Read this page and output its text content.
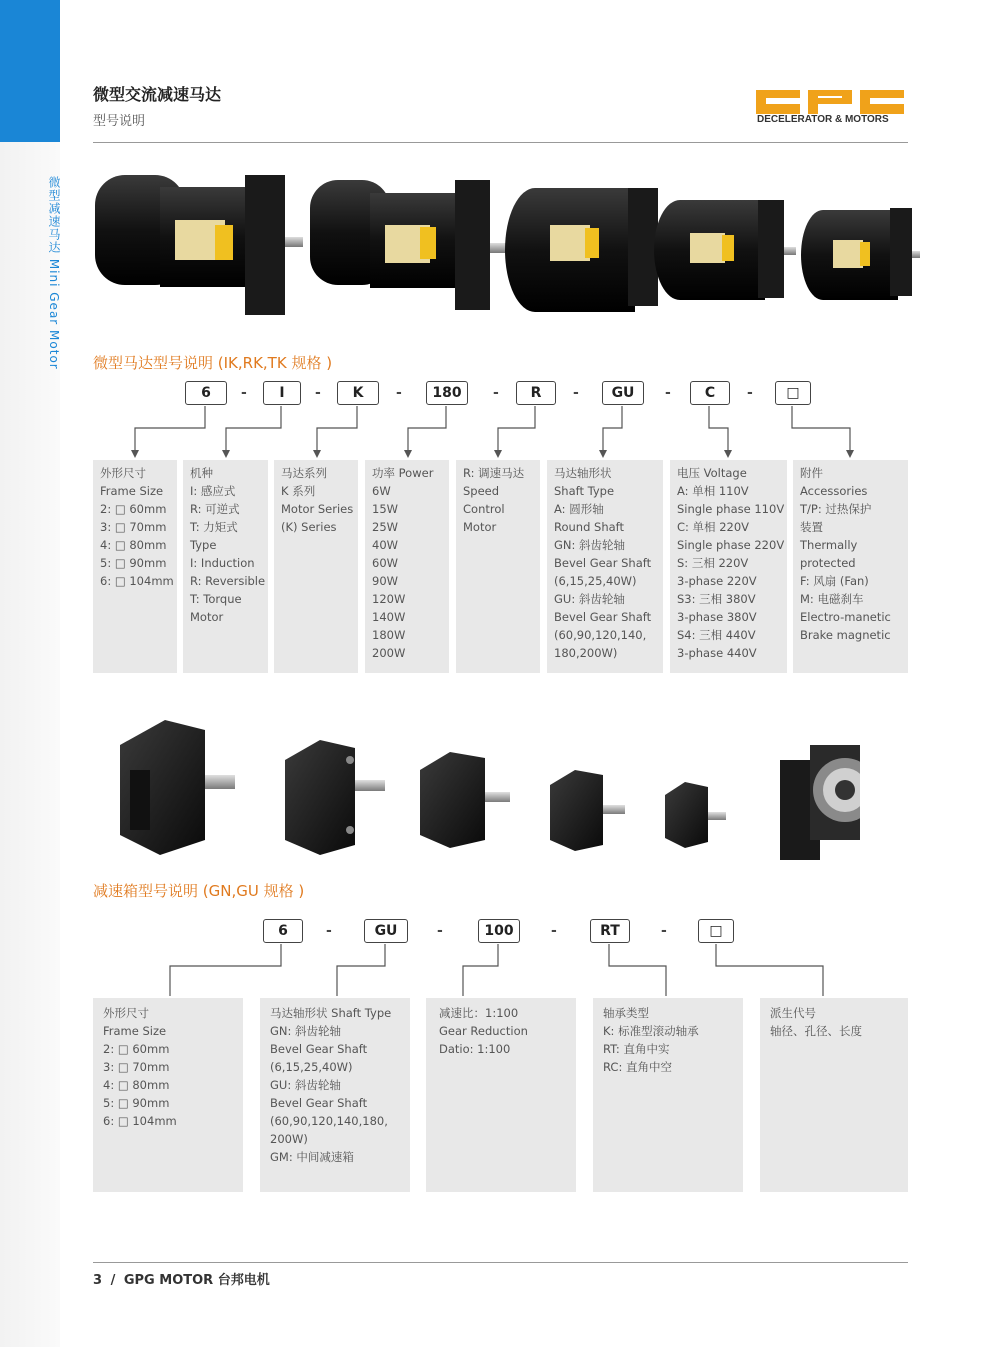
微型减速马达 Mini Gear Motor
微型交流减速马达
型号说明	DECELERATOR & MOTORS
微型马达型号说明 (IK,RK,TK 规格 )
6	-	I	-	K	-	180	-	R	-	GU	-	C	-	□
外形尺寸
Frame Size
2: □ 60mm
3: □ 70mm
4: □ 80mm
5: □ 90mm
6: □ 104mm
机种
I: 感应式
R: 可逆式
T: 力矩式
Type
I: Induction
R: Reversible
T: Torque
Motor
马达系列
K 系列
Motor Series
(K) Series
功率 Power
6W
15W
25W
40W
60W
90W
120W
140W
180W
200W
R: 调速马达
Speed
Control
Motor
马达轴形状
Shaft Type
A: 圆形轴
Round Shaft
GN: 斜齿轮轴
Bevel Gear Shaft
(6,15,25,40W)
GU: 斜齿轮轴
Bevel Gear Shaft
(60,90,120,140,
180,200W)
电压 Voltage
A: 单相 110V
Single phase 110V
C: 单相 220V
Single phase 220V
S: 三相 220V
3-phase 220V
S3: 三相 380V
3-phase 380V
S4: 三相 440V
3-phase 440V
附件
Accessories
T/P: 过热保护
装置
Thermally
protected
F: 风扇 (Fan)
M: 电磁刹车
Electro-manetic
Brake magnetic
减速箱型号说明 (GN,GU 规格 )
6	-	GU	-	100	-	RT	-	□
外形尺寸
Frame Size
2: □ 60mm
3: □ 70mm
4: □ 80mm
5: □ 90mm
6: □ 104mm
马达轴形状 Shaft Type
GN: 斜齿轮轴
Bevel Gear Shaft
(6,15,25,40W)
GU: 斜齿轮轴
Bevel Gear Shaft
(60,90,120,140,180,
200W)
GM: 中间减速箱
减速比：1:100
Gear Reduction
Datio: 1:100
轴承类型
K: 标准型滚动轴承
RT: 直角中实
RC: 直角中空
派生代号
轴径、孔径、长度
3 / GPG MOTOR 台邦电机
